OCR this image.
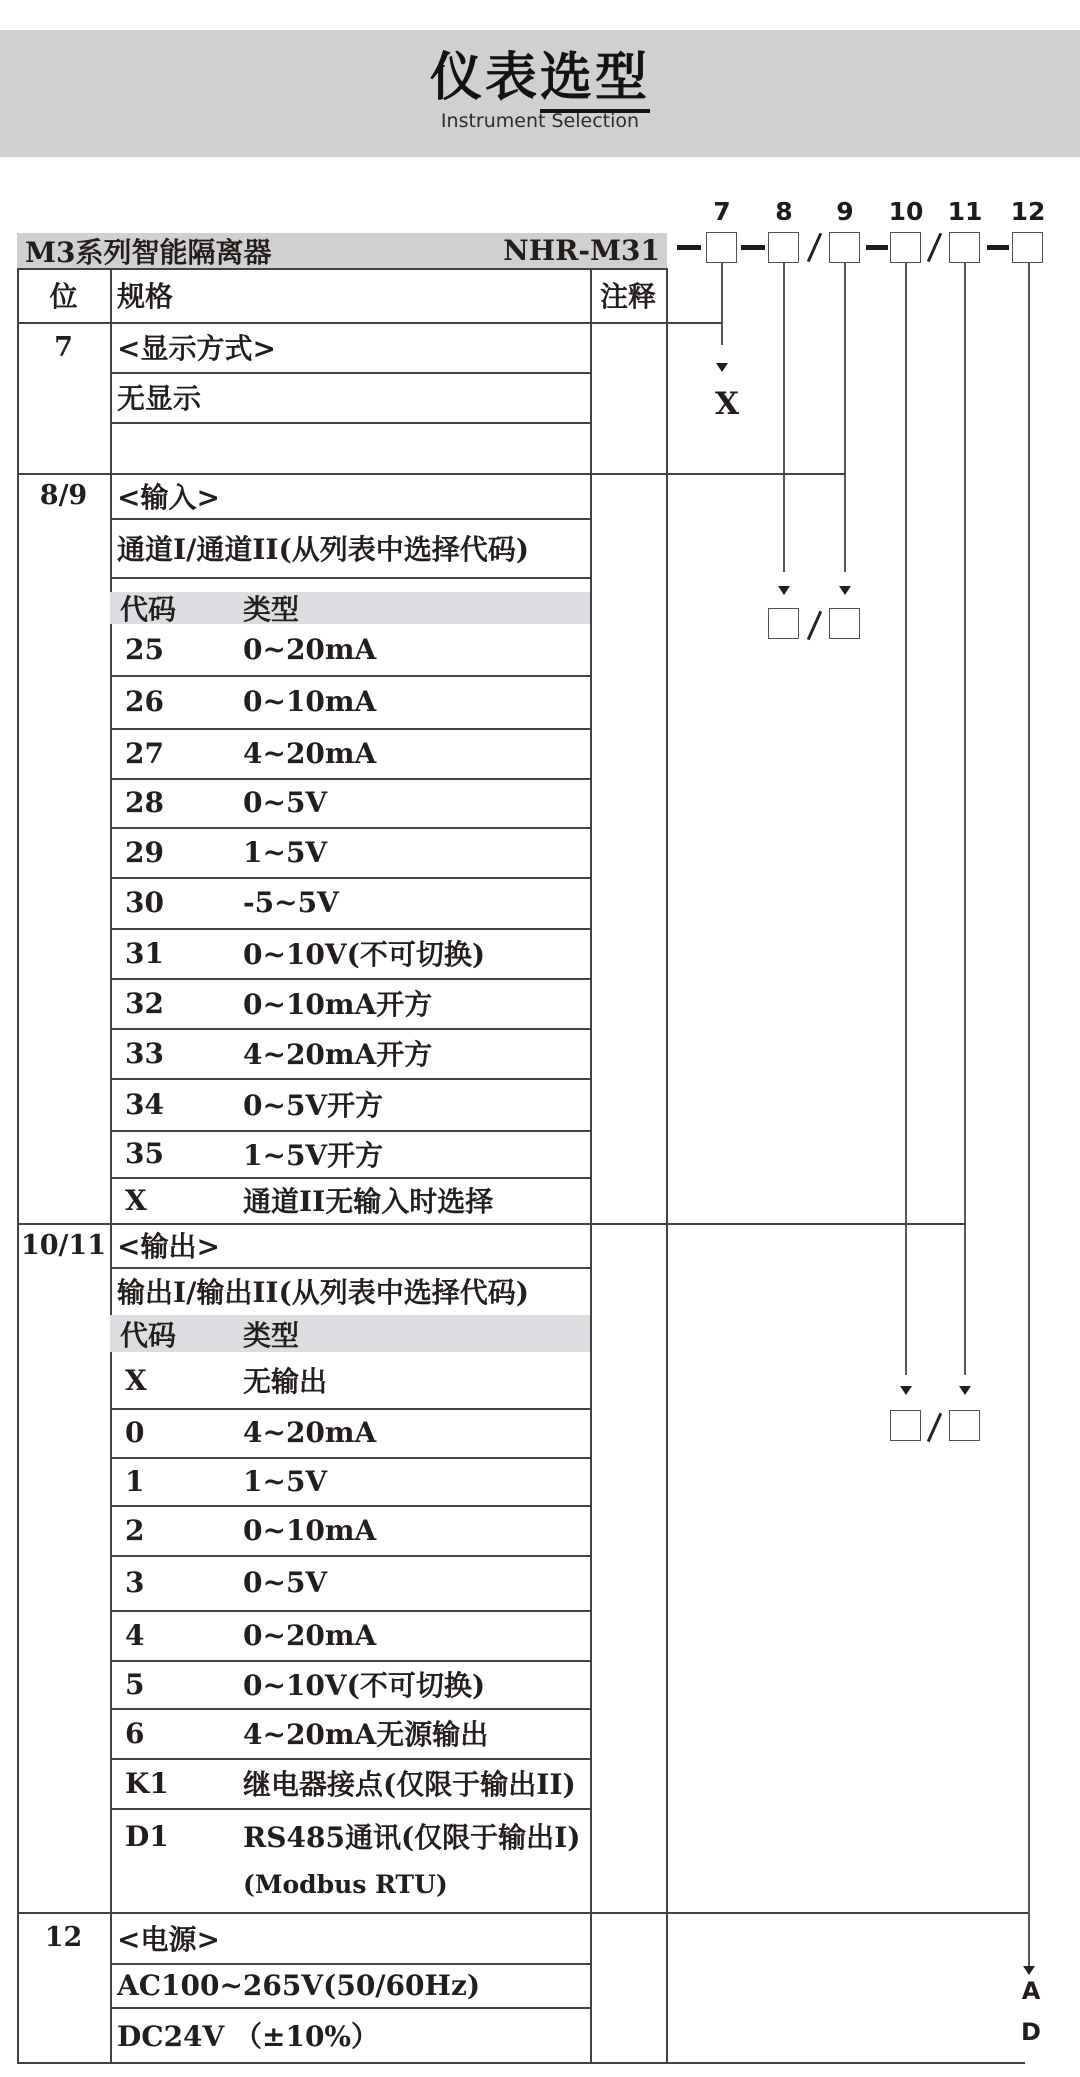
仪表选型
Instrument Selection
7	8	9	10 11	12
X
A
D
M3系列智能隔离器	NHR-M31
位	规格	注释
7	<显示方式>
无显示
8/9	<输入>
通道I/通道II(从列表中选择代码)
代码 类型
25	0~20mA
26	0~10mA
27	4~20mA
28	0~5V
29	1~5V
30	-5~5V
31	0~10V(不可切换)
32	0~10mA开方
33	4~20mA开方
34	0~5V开方
35	1~5V开方
X	通道II无输入时选择
10/11 <输出>
输出I/输出II(从列表中选择代码)
代码 类型
X	无输出
0	4~20mA
1	1~5V
2	0~10mA
3	0~5V
4	0~20mA
5	0~10V(不可切换)
6	4~20mA无源输出
K1	继电器接点(仅限于输出II)
D1	RS485通讯(仅限于输出I)
(Modbus RTU)
12	<电源>
AC100~265V(50/60Hz)
DC24V （±10%）
